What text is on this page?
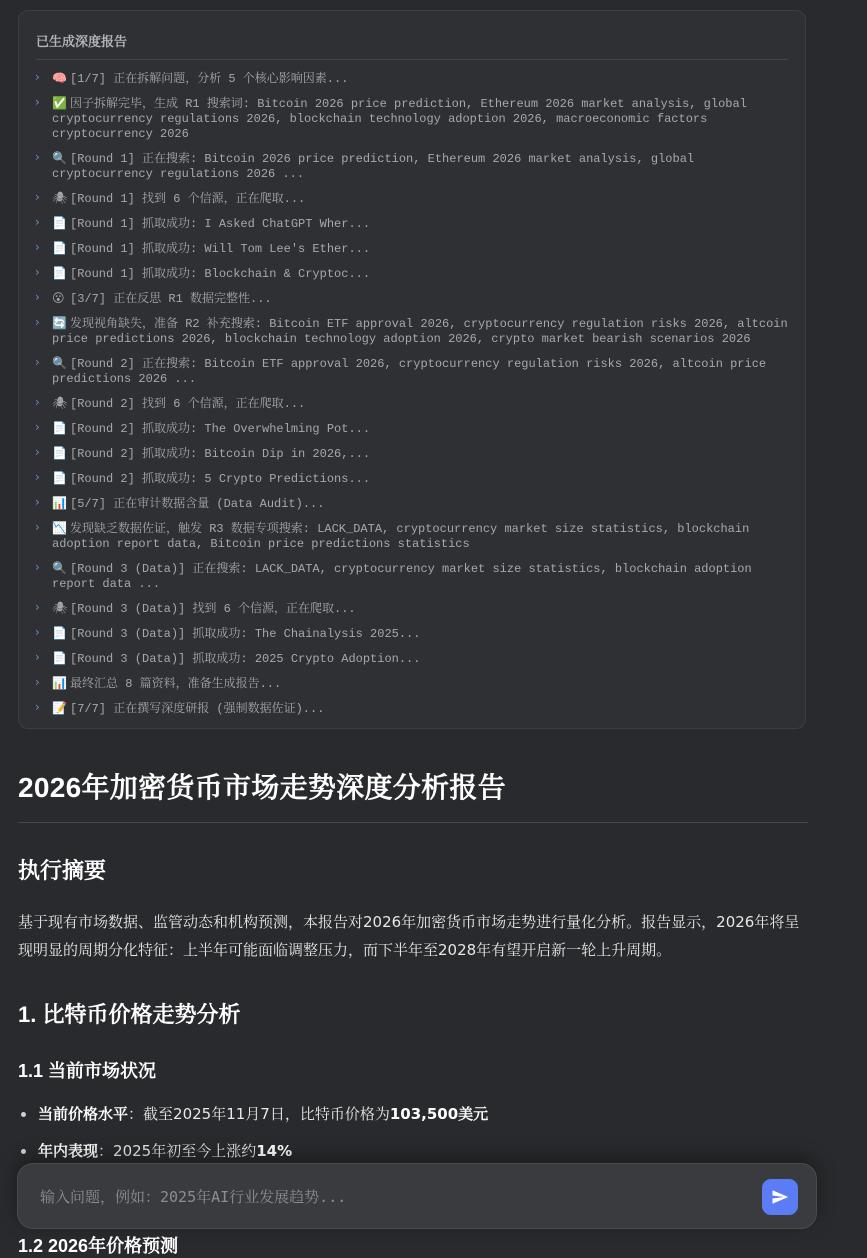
已生成深度报告
› 🧠 [1/7] 正在拆解问题，分析 5 个核心影响因素...
› ✅ 因子拆解完毕，生成 R1 搜索词: Bitcoin 2026 price prediction, Ethereum 2026 market analysis, global cryptocurrency regulations 2026, blockchain technology adoption 2026, macroeconomic factors cryptocurrency 2026
› 🔍 [Round 1] 正在搜索: Bitcoin 2026 price prediction, Ethereum 2026 market analysis, global cryptocurrency regulations 2026 ...
› 🕷 [Round 1] 找到 6 个信源，正在爬取...
› 📄 [Round 1] 抓取成功: I Asked ChatGPT Wher...
› 📄 [Round 1] 抓取成功: Will Tom Lee's Ether...
› 📄 [Round 1] 抓取成功: Blockchain & Cryptoc...
› 😮 [3/7] 正在反思 R1 数据完整性...
› 🔄 发现视角缺失，准备 R2 补充搜索: Bitcoin ETF approval 2026, cryptocurrency regulation risks 2026, altcoin price predictions 2026, blockchain technology adoption 2026, crypto market bearish scenarios 2026
› 🔍 [Round 2] 正在搜索: Bitcoin ETF approval 2026, cryptocurrency regulation risks 2026, altcoin price predictions 2026 ...
› 🕷 [Round 2] 找到 6 个信源，正在爬取...
› 📄 [Round 2] 抓取成功: The Overwhelming Pot...
› 📄 [Round 2] 抓取成功: Bitcoin Dip in 2026,...
› 📄 [Round 2] 抓取成功: 5 Crypto Predictions...
› 📊 [5/7] 正在审计数据含量 (Data Audit)...
› 📉 发现缺乏数据佐证，触发 R3 数据专项搜索: LACK_DATA, cryptocurrency market size statistics, blockchain adoption report data, Bitcoin price predictions statistics
› 🔍 [Round 3 (Data)] 正在搜索: LACK_DATA, cryptocurrency market size statistics, blockchain adoption report data ...
› 🕷 [Round 3 (Data)] 找到 6 个信源，正在爬取...
› 📄 [Round 3 (Data)] 抓取成功: The Chainalysis 2025...
› 📄 [Round 3 (Data)] 抓取成功: 2025 Crypto Adoption...
› 📊 最终汇总 8 篇资料，准备生成报告...
› 📝 [7/7] 正在撰写深度研报 (强制数据佐证)...
2026年加密货币市场走势深度分析报告
执行摘要

基于现有市场数据、监管动态和机构预测，本报告对2026年加密货币市场走势进行量化分析。报告显示，2026年将呈现明显的周期分化特征：上半年可能面临调整压力，而下半年至2028年有望开启新一轮上升周期。

1. 比特币价格走势分析
1.1 当前市场状况
当前价格水平：截至2025年11月7日，比特币价格为103,500美元
年内表现：2025年初至今上涨约14%
1.2 2026年价格预测
输入问题，例如：2025年AI行业发展趋势...
